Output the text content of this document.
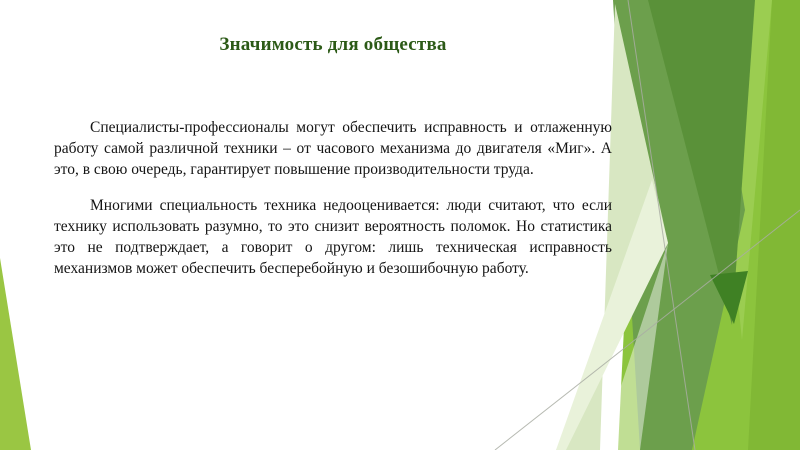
Значимость для общества

Специалисты-профессионалы могут обеспечить исправность и отлаженную работу самой различной техники – от часового механизма до двигателя «Миг». А это, в свою очередь, гарантирует повышение производительности труда.

Многими специальность техника недооценивается: люди считают, что если технику использовать разумно, то это снизит вероятность поломок. Но статистика это не подтверждает, а говорит о другом: лишь техническая исправность механизмов может обеспечить бесперебойную и безошибочную работу.
